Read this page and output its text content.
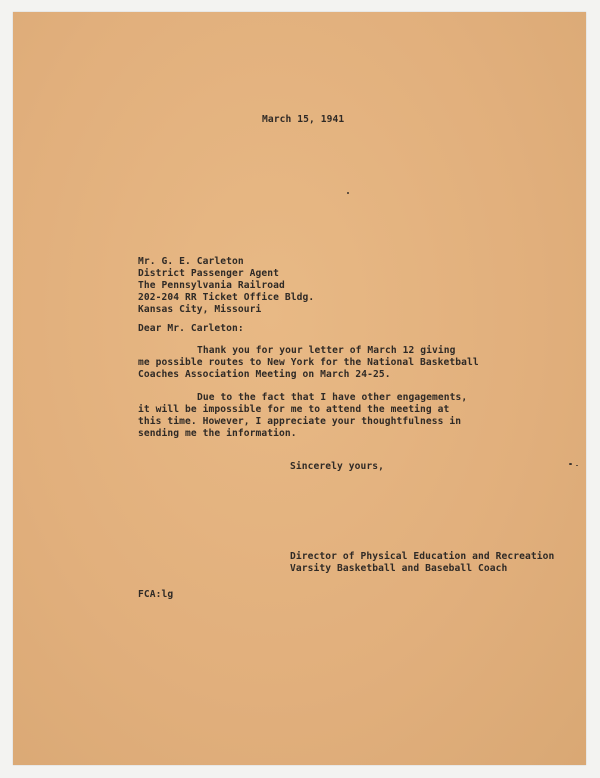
March 15, 1941
Mr. G. E. Carleton
District Passenger Agent
The Pennsylvania Railroad
202-204 RR Ticket Office Bldg.
Kansas City, Missouri
Dear Mr. Carleton:
Thank you for your letter of March 12 giving
me possible routes to New York for the National Basketball
Coaches Association Meeting on March 24-25.
Due to the fact that I have other engagements,
it will be impossible for me to attend the meeting at
this time. However, I appreciate your thoughtfulness in
sending me the information.
Sincerely yours,
Director of Physical Education and Recreation
Varsity Basketball and Baseball Coach
FCA:lg
